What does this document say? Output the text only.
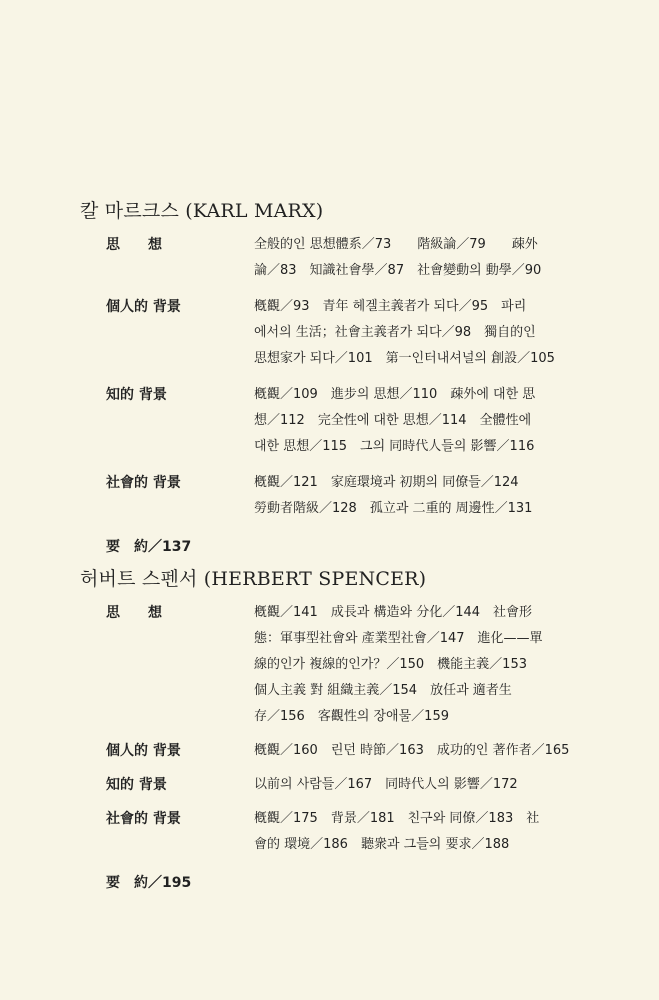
칼 마르크스 (KARL MARX)
思　　想	全般的인 思想體系／73　　階級論／79　　疎外
論／83　知識社會學／87　社會變動의 動學／90
個人的 背景	槪觀／93　青年 헤겔主義者가 되다／95　파리
에서의 生活；社會主義者가 되다／98　獨自的인
思想家가 되다／101　第一인터내셔널의 創設／105
知的 背景	槪觀／109　進步의 思想／110　疎外에 대한 思
想／112　完全性에 대한 思想／114　全體性에
대한 思想／115　그의 同時代人들의 影響／116
社會的 背景	槪觀／121　家庭環境과 初期의 同僚들／124
勞動者階級／128　孤立과 二重的 周邊性／131
要　約／137
허버트 스펜서 (HERBERT SPENCER)
思　　想	槪觀／141　成長과 構造와 分化／144　社會形
態：軍事型社會와 產業型社會／147　進化——單
線的인가 複線的인가？／150　機能主義／153
個人主義 對 組織主義／154　放任과 適者生
存／156　客觀性의 장애물／159
個人的 背景	槪觀／160　린던 時節／163　成功的인 著作者／165
知的 背景	以前의 사람들／167　同時代人의 影響／172
社會的 背景	槪觀／175　背景／181　친구와 同僚／183　社
會的 環境／186　聽衆과 그들의 要求／188
要　約／195
